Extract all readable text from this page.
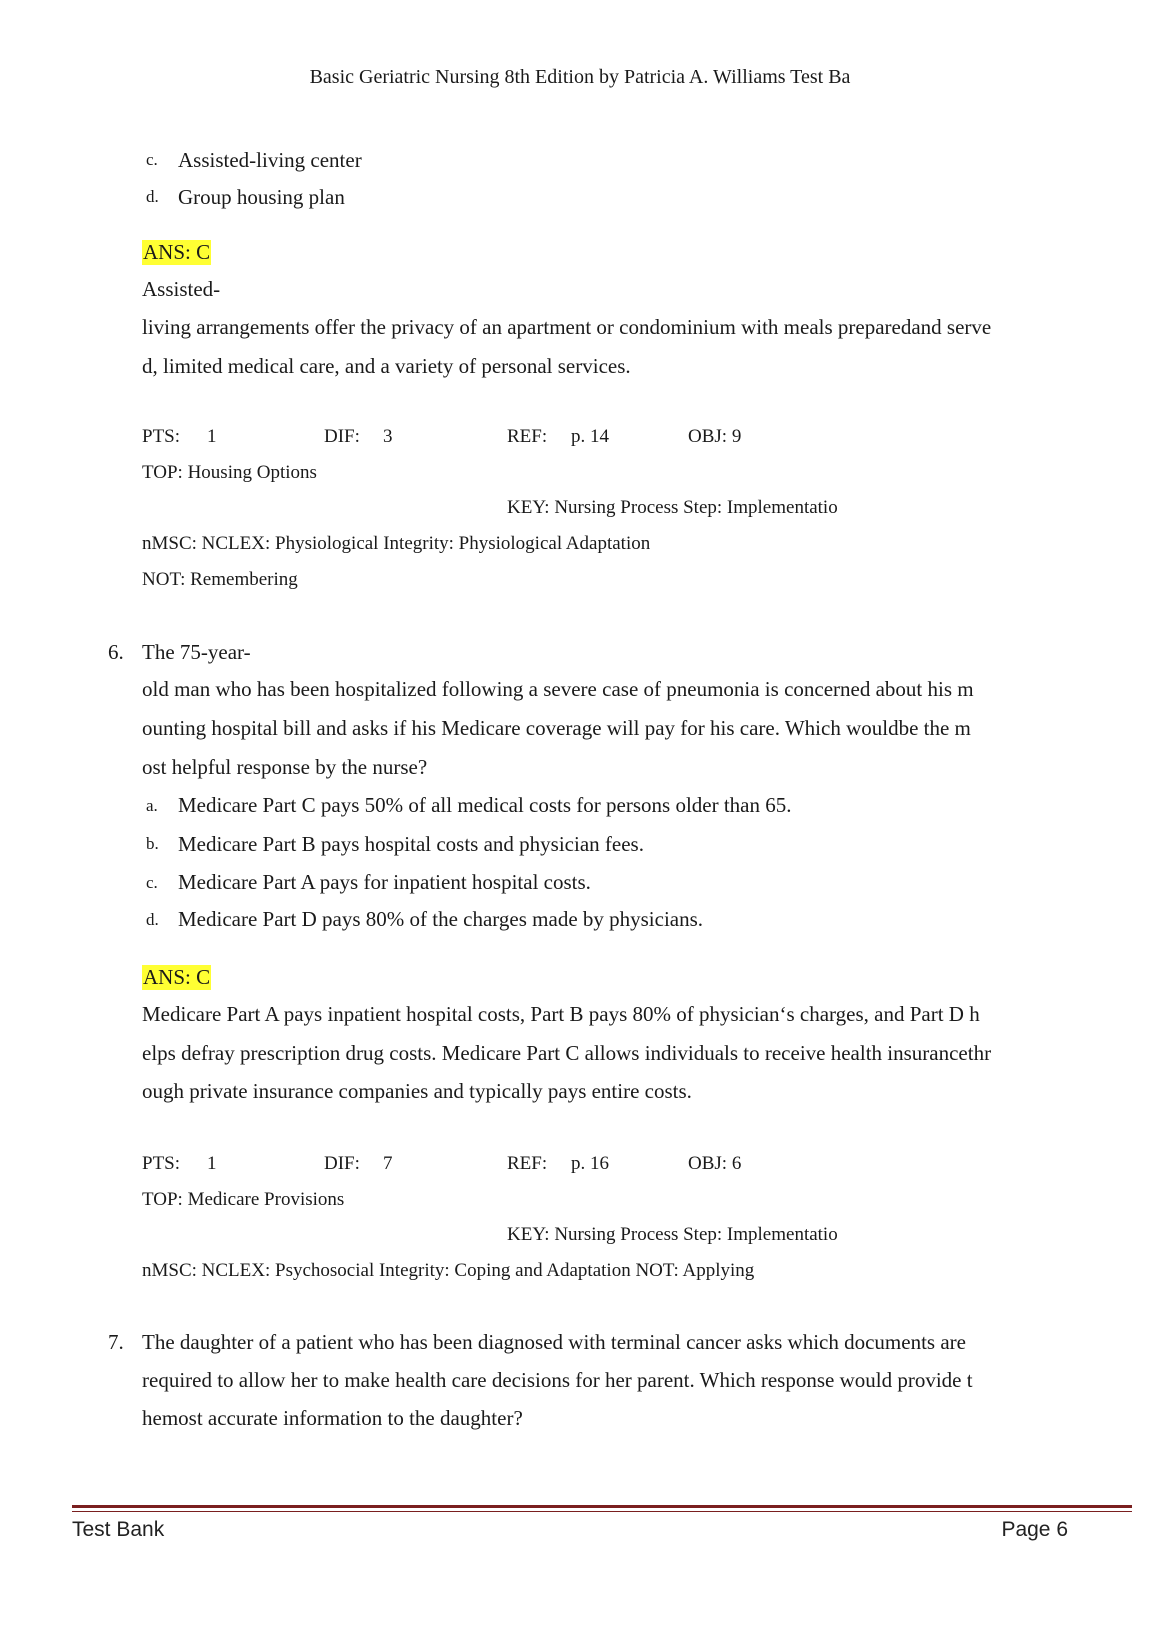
Basic Geriatric Nursing 8th Edition by Patricia A. Williams Test Ba
c. Assisted-living center
d. Group housing plan
ANS: C
Assisted-
living arrangements offer the privacy of an apartment or condominium with meals preparedand serve
d, limited medical care, and a variety of personal services.
PTS: 1	DIF: 3	REF: p. 14	OBJ: 9
TOP: Housing Options
KEY: Nursing Process Step: Implementatio
nMSC: NCLEX: Physiological Integrity: Physiological Adaptation
NOT: Remembering
6. The 75-year-
old man who has been hospitalized following a severe case of pneumonia is concerned about his m
ounting hospital bill and asks if his Medicare coverage will pay for his care. Which wouldbe the m
ost helpful response by the nurse?
a. Medicare Part C pays 50% of all medical costs for persons older than 65.
b. Medicare Part B pays hospital costs and physician fees.
c. Medicare Part A pays for inpatient hospital costs.
d. Medicare Part D pays 80% of the charges made by physicians.
ANS: C
Medicare Part A pays inpatient hospital costs, Part B pays 80% of physician‘s charges, and Part D h
elps defray prescription drug costs. Medicare Part C allows individuals to receive health insurancethr
ough private insurance companies and typically pays entire costs.
PTS: 1	DIF: 7	REF: p. 16	OBJ: 6
TOP: Medicare Provisions
KEY: Nursing Process Step: Implementatio
nMSC: NCLEX: Psychosocial Integrity: Coping and Adaptation NOT: Applying
7. The daughter of a patient who has been diagnosed with terminal cancer asks which documents are
required to allow her to make health care decisions for her parent. Which response would provide t
hemost accurate information to the daughter?
Test Bank	Page 6
